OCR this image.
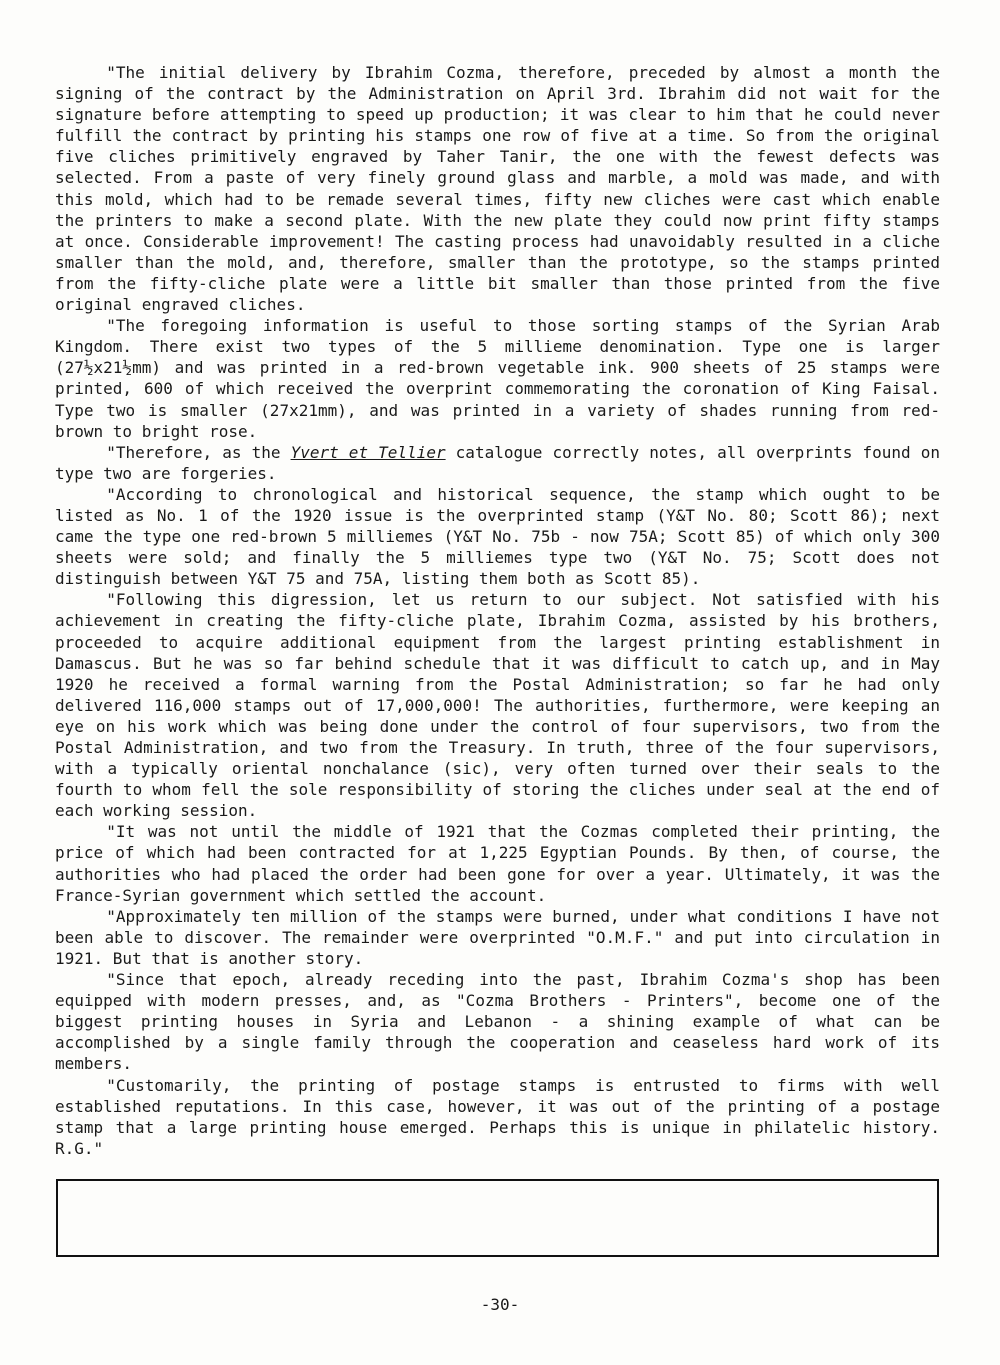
"The initial delivery by Ibrahim Cozma, therefore, preceded by almost a month the signing of the contract by the Administration on April 3rd. Ibrahim did not wait for the signature before attempting to speed up production; it was clear to him that he could never fulfill the contract by printing his stamps one row of five at a time. So from the original five cliches primitively engraved by Taher Tanir, the one with the fewest defects was selected. From a paste of very finely ground glass and marble, a mold was made, and with this mold, which had to be remade several times, fifty new cliches were cast which enable the printers to make a second plate. With the new plate they could now print fifty stamps at once. Considerable improvement! The casting process had unavoidably resulted in a cliche smaller than the mold, and, therefore, smaller than the prototype, so the stamps printed from the fifty-cliche plate were a little bit smaller than those printed from the five original engraved cliches.

"The foregoing information is useful to those sorting stamps of the Syrian Arab Kingdom. There exist two types of the 5 millieme denomination. Type one is larger (27½x21½mm) and was printed in a red-brown vegetable ink. 900 sheets of 25 stamps were printed, 600 of which received the overprint commemorating the coronation of King Faisal. Type two is smaller (27x21mm), and was printed in a variety of shades running from red-brown to bright rose.

"Therefore, as the Yvert et Tellier catalogue correctly notes, all overprints found on type two are forgeries.

"According to chronological and historical sequence, the stamp which ought to be listed as No. 1 of the 1920 issue is the overprinted stamp (Y&T No. 80; Scott 86); next came the type one red-brown 5 milliemes (Y&T No. 75b - now 75A; Scott 85) of which only 300 sheets were sold; and finally the 5 milliemes type two (Y&T No. 75; Scott does not distinguish between Y&T 75 and 75A, listing them both as Scott 85).

"Following this digression, let us return to our subject. Not satisfied with his achievement in creating the fifty-cliche plate, Ibrahim Cozma, assisted by his brothers, proceeded to acquire additional equipment from the largest printing establishment in Damascus. But he was so far behind schedule that it was difficult to catch up, and in May 1920 he received a formal warning from the Postal Administration; so far he had only delivered 116,000 stamps out of 17,000,000! The authorities, furthermore, were keeping an eye on his work which was being done under the control of four supervisors, two from the Postal Administration, and two from the Treasury. In truth, three of the four supervisors, with a typically oriental nonchalance (sic), very often turned over their seals to the fourth to whom fell the sole responsibility of storing the cliches under seal at the end of each working session.

"It was not until the middle of 1921 that the Cozmas completed their printing, the price of which had been contracted for at 1,225 Egyptian Pounds. By then, of course, the authorities who had placed the order had been gone for over a year. Ultimately, it was the France-Syrian government which settled the account.

"Approximately ten million of the stamps were burned, under what conditions I have not been able to discover. The remainder were overprinted "O.M.F." and put into circulation in 1921. But that is another story.

"Since that epoch, already receding into the past, Ibrahim Cozma's shop has been equipped with modern presses, and, as "Cozma Brothers - Printers", become one of the biggest printing houses in Syria and Lebanon - a shining example of what can be accomplished by a single family through the cooperation and ceaseless hard work of its members.

"Customarily, the printing of postage stamps is entrusted to firms with well established reputations. In this case, however, it was out of the printing of a postage stamp that a large printing house emerged. Perhaps this is unique in philatelic history. R.G."

-30-
